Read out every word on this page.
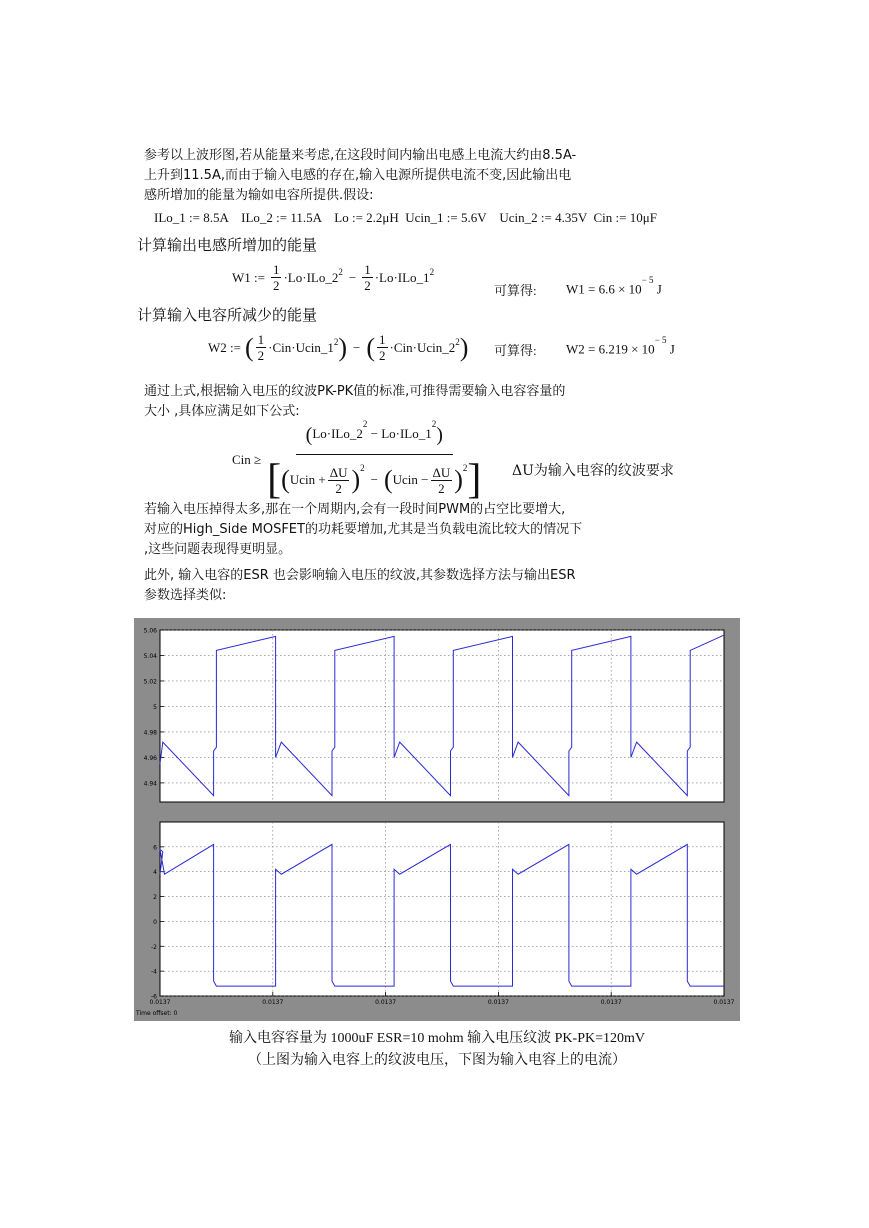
参考以上波形图,若从能量来考虑,在这段时间内输出电感上电流大约由8.5A-
上升到11.5A,而由于输入电感的存在,输入电源所提供电流不变,因此输出电
感所增加的能量为输如电容所提供.假设:
ILo_1 := 8.5A    ILo_2 := 11.5A    Lo := 2.2μH  Ucin_1 := 5.6V    Ucin_2 := 4.35V  Cin := 10μF
计算输出电感所增加的能量
W1 := $\frac{1}{2}$ $\cdot Lo\cdot ILo\_2^2 - \frac{1}{2}$ $\cdot Lo\cdot ILo\_1^2$
可算得: $W1 = 6.6 \times 10^{- 5}$ J
计算输入电容所减少的能量
W2 := ( $\frac{1}{2}$ $\cdot Cin\cdot Ucin\_1^2$ ) − ( $\frac{1}{2}$ $\cdot Cin\cdot Ucin\_2^2$ ) 可算得: $W2 = 6.219 \times 10^{- 5}$ J
通过上式,根据输入电压的纹波PK-PK值的标准,可推得需要输入电容容量的
大小 ,具体应满足如下公式:
Cin ≥
($Lo\cdot ILo\_2^2$ − $Lo\cdot ILo\_1^2$)
[ ( Ucin + $\frac{\Delta U}{2} )^2$
− ( Ucin − $\frac{\Delta U}{2} )^2$ ] ΔU为输入电容的纹波要求
若输入电压掉得太多,那在一个周期内,会有一段时间PWM的占空比要增大,
对应的High_Side MOSFET的功耗要增加,尤其是当负载电流比较大的情况下
,这些问题表现得更明显。
此外, 输入电容的ESR 也会影响输入电压的纹波,其参数选择方法与输出ESR
参数选择类似:
5.06
5.04
5.02
5
4.98
4.96
4.94
6
4
2
0
-2
-4
-6
0.0137	0.0137	0.0137	0.0137	0.0137	0.0137
Time offset: 0
输入电容容量为 1000uF ESR=10 mohm 输入电压纹波 PK-PK=120mV
（上图为输入电容上的纹波电压，下图为输入电容上的电流）
